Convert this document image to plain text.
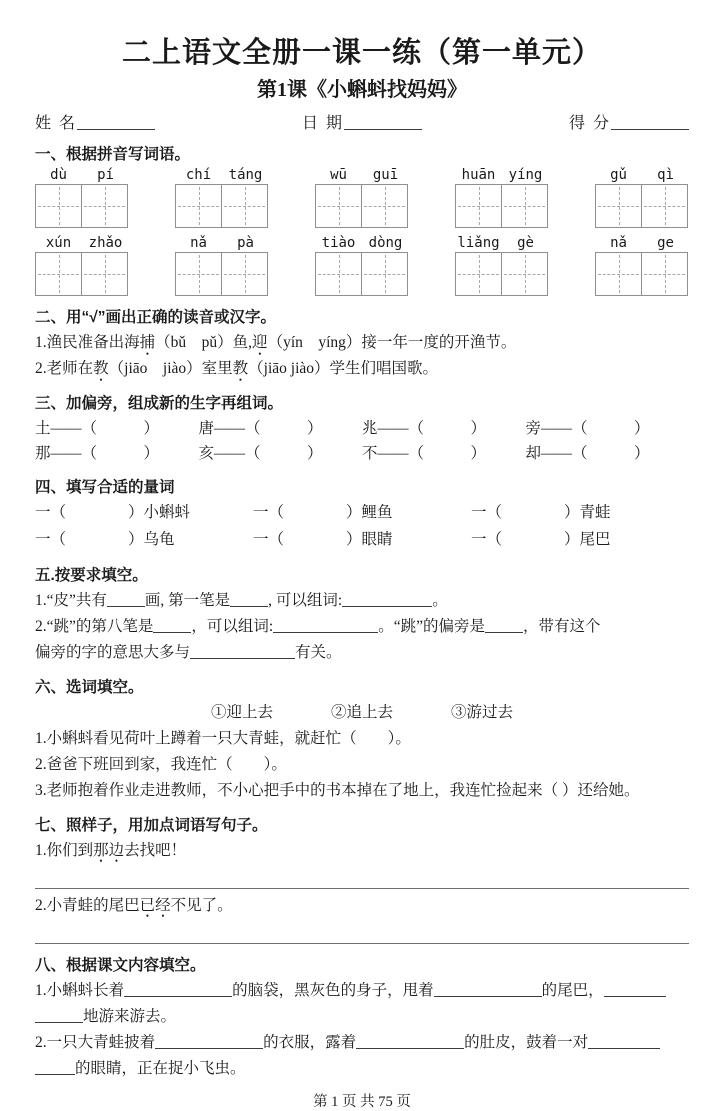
二上语文全册一课一练（第一单元）
第1课《小蝌蚪找妈妈》
姓 名	日 期	得 分
一、根据拼音写词语。
dù	pí	chí	táng	wū	guī	huān yíng	gǔ	qì
xún	zhǎo	nǎ	pà	tiào dòng	liǎng	gè	nǎ	ge
二、用“√”画出正确的读音或汉字。

1.渔民准备出海捕（bǔ　pǔ）鱼,迎（yín　yíng）接一年一度的开渔节。

2.老师在教（jiāo　jiào）室里教（jiāo jiào）学生们唱国歌。

三、加偏旁，组成新的生字再组词。
土——（　　　）	唐——（　　　）	兆——（　　　）	旁——（　　　）
那——（　　　）	亥——（　　　）	不——（　　　）	却——（　　　）
四、填写合适的量词
一（　　　　）小蝌蚪	一（　　　　）鲤鱼	一（　　　　）青蛙
一（　　　　）乌龟	一（　　　　）眼睛	一（　　　　）尾巴
五.按要求填空。

1.“皮”共有 画, 第一笔是 , 可以组词:	。

2.“跳”的第八笔是 ，可以组词:	。“跳”的偏旁是 ，带有这个

偏旁的字的意思大多与	有关。

六、选词填空。
①迎上去	②追上去	③游过去

1.小蝌蚪看见荷叶上蹲着一只大青蛙，就赶忙（　　）。

2.爸爸下班回到家，我连忙（　　）。

3.老师抱着作业走进教师，不小心把手中的书本掉在了地上，我连忙捡起来（ ）还给她。

七、照样子，用加点词语写句子。

1.你们到那边去找吧！

2.小青蛙的尾巴已经不见了。

八、根据课文内容填空。

1.小蝌蚪长着	的脑袋，黑灰色的身子，甩着	的尾巴，

地游来游去。

2.一只大青蛙披着	的衣服，露着	的肚皮，鼓着一对

的眼睛，正在捉小飞虫。

第 1 页 共 75 页
